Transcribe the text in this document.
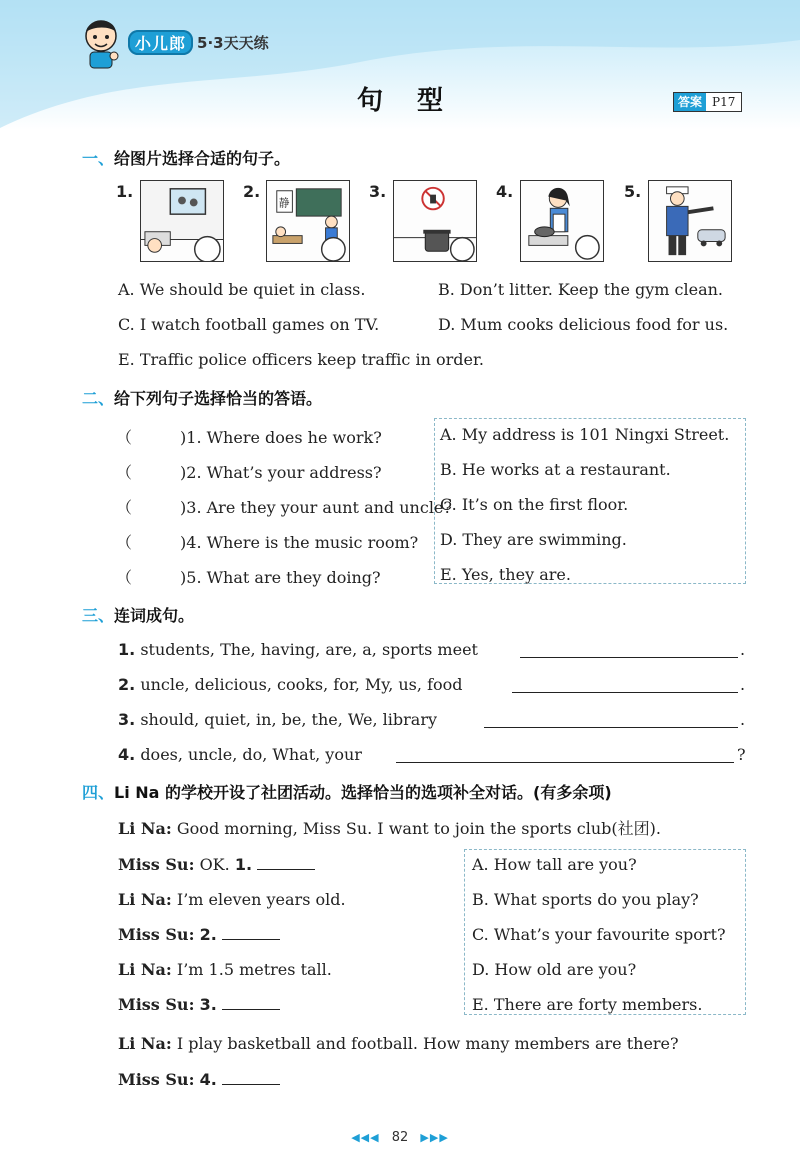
小儿郎 5·3天天练
句型	答案 P17
一、给图片选择合适的句子。
1.	2.
静
3.	4.	5.
A. We should be quiet in class.	B. Don’t litter. Keep the gym clean.
C. I watch football games on TV.	D. Mum cooks delicious food for us.
E. Traffic police officers keep traffic in order.
二、给下列句子选择恰当的答语。
（	)1. Where does he work?
（	)2. What’s your address?
（	)3. Are they your aunt and uncle?
（	)4. Where is the music room?
（	)5. What are they doing?
A. My address is 101 Ningxi Street.
B. He works at a restaurant.
C. It’s on the first floor.
D. They are swimming.
E. Yes, they are.
三、连词成句。
1. students, The, having, are, a, sports meet	.
2. uncle, delicious, cooks, for, My, us, food	.
3. should, quiet, in, be, the, We, library	.
4. does, uncle, do, What, your	?
四、Li Na 的学校开设了社团活动。选择恰当的选项补全对话。(有多余项)
Li Na: Good morning, Miss Su. I want to join the sports club(社团).
Miss Su: OK. 1.
Li Na: I’m eleven years old.
Miss Su: 2.
Li Na: I’m 1.5 metres tall.
Miss Su: 3.
Li Na: I play basketball and football. How many members are there?
Miss Su: 4.
A. How tall are you?
B. What sports do you play?
C. What’s your favourite sport?
D. How old are you?
E. There are forty members.
◀◀◀ 82 ▶▶▶
